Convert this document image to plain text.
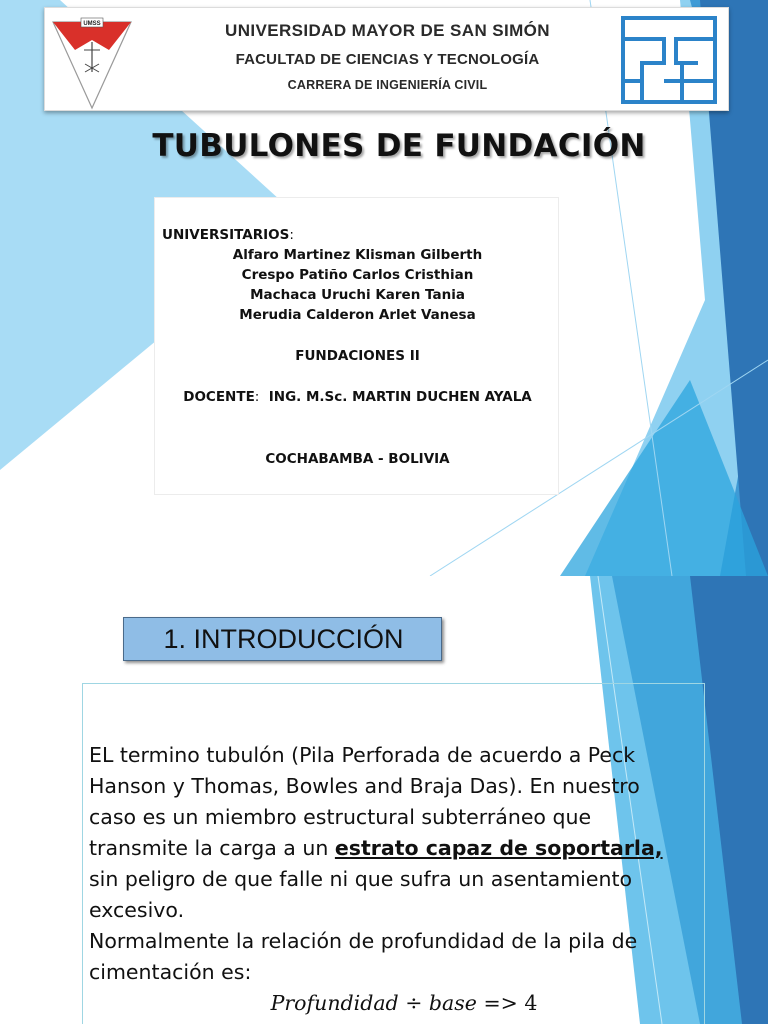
UMSS	UNIVERSIDAD MAYOR DE SAN SIMÓN
FACULTAD DE CIENCIAS Y TECNOLOGÍA
CARRERA DE INGENIERÍA CIVIL
TUBULONES DE FUNDACIÓN
UNIVERSITARIOS:
Alfaro Martinez Klisman Gilberth
Crespo Patiño Carlos Cristhian
Machaca Uruchi Karen Tania
Merudia Calderon Arlet Vanesa
FUNDACIONES II
DOCENTE: ING. M.Sc. MARTIN DUCHEN AYALA
COCHABAMBA - BOLIVIA
1. INTRODUCCIÓN

EL termino tubulón (Pila Perforada de acuerdo a Peck Hanson y Thomas, Bowles and Braja Das). En nuestro caso es un miembro estructural subterráneo que transmite la carga a un estrato capaz de soportarla, sin peligro de que falle ni que sufra un asentamiento excesivo.

Normalmente la relación de profundidad de la pila de cimentación es:

Profundidad ÷ base => 4
